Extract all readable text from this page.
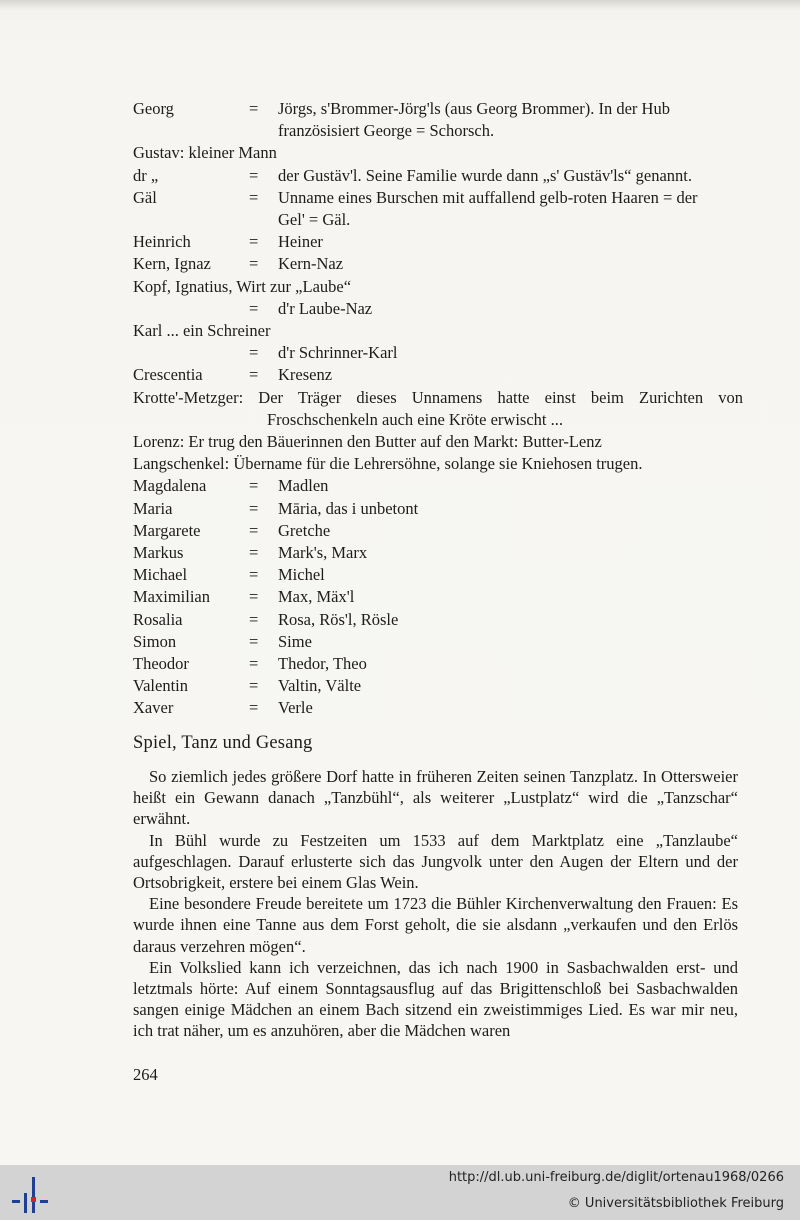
Georg	= Jörgs, s'Brommer-Jörg'ls (aus Georg Brommer). In der Hub
französisiert George = Schorsch.
Gustav: kleiner Mann
dr „	= der Gustäv'l. Seine Familie wurde dann „s' Gustäv'ls“ genannt.
Gäl	= Unname eines Burschen mit auffallend gelb-roten Haaren = der
Gel' = Gäl.
Heinrich	= Heiner
Kern, Ignaz = Kern-Naz
Kopf, Ignatius, Wirt zur „Laube“
= d'r Laube-Naz
Karl ... ein Schreiner
= d'r Schrinner-Karl
Crescentia	= Kresenz
Krotte'-Metzger: Der Träger dieses Unnamens hatte einst beim Zurichten von Froschschenkeln auch eine Kröte erwischt ...
Lorenz: Er trug den Bäuerinnen den Butter auf den Markt: Butter-Lenz
Langschenkel: Übername für die Lehrersöhne, solange sie Kniehosen trugen.
Magdalena	= Madlen
Maria	= Māria, das i unbetont
Margarete	= Gretche
Markus	= Mark's, Marx
Michael	= Michel
Maximilian = Max, Mäx'l
Rosalia	= Rosa, Rös'l, Rösle
Simon	= Sime
Theodor	= Thedor, Theo
Valentin	= Valtin, Välte
Xaver	= Verle
Spiel, Tanz und Gesang

So ziemlich jedes größere Dorf hatte in früheren Zeiten seinen Tanzplatz. In Ottersweier heißt ein Gewann danach „Tanzbühl“, als weiterer „Lustplatz“ wird die „Tanzschar“ erwähnt.

In Bühl wurde zu Festzeiten um 1533 auf dem Marktplatz eine „Tanzlaube“ aufgeschlagen. Darauf erlusterte sich das Jungvolk unter den Augen der Eltern und der Ortsobrigkeit, erstere bei einem Glas Wein.

Eine besondere Freude bereitete um 1723 die Bühler Kirchenverwaltung den Frauen: Es wurde ihnen eine Tanne aus dem Forst geholt, die sie alsdann „verkaufen und den Erlös daraus verzehren mögen“.

Ein Volkslied kann ich verzeichnen, das ich nach 1900 in Sasbachwalden erst- und letztmals hörte: Auf einem Sonntagsausflug auf das Brigittenschloß bei Sasbachwalden sangen einige Mädchen an einem Bach sitzend ein zweistimmiges Lied. Es war mir neu, ich trat näher, um es anzuhören, aber die Mädchen waren

264
http://dl.ub.uni-freiburg.de/diglit/ortenau1968/0266
© Universitätsbibliothek Freiburg
